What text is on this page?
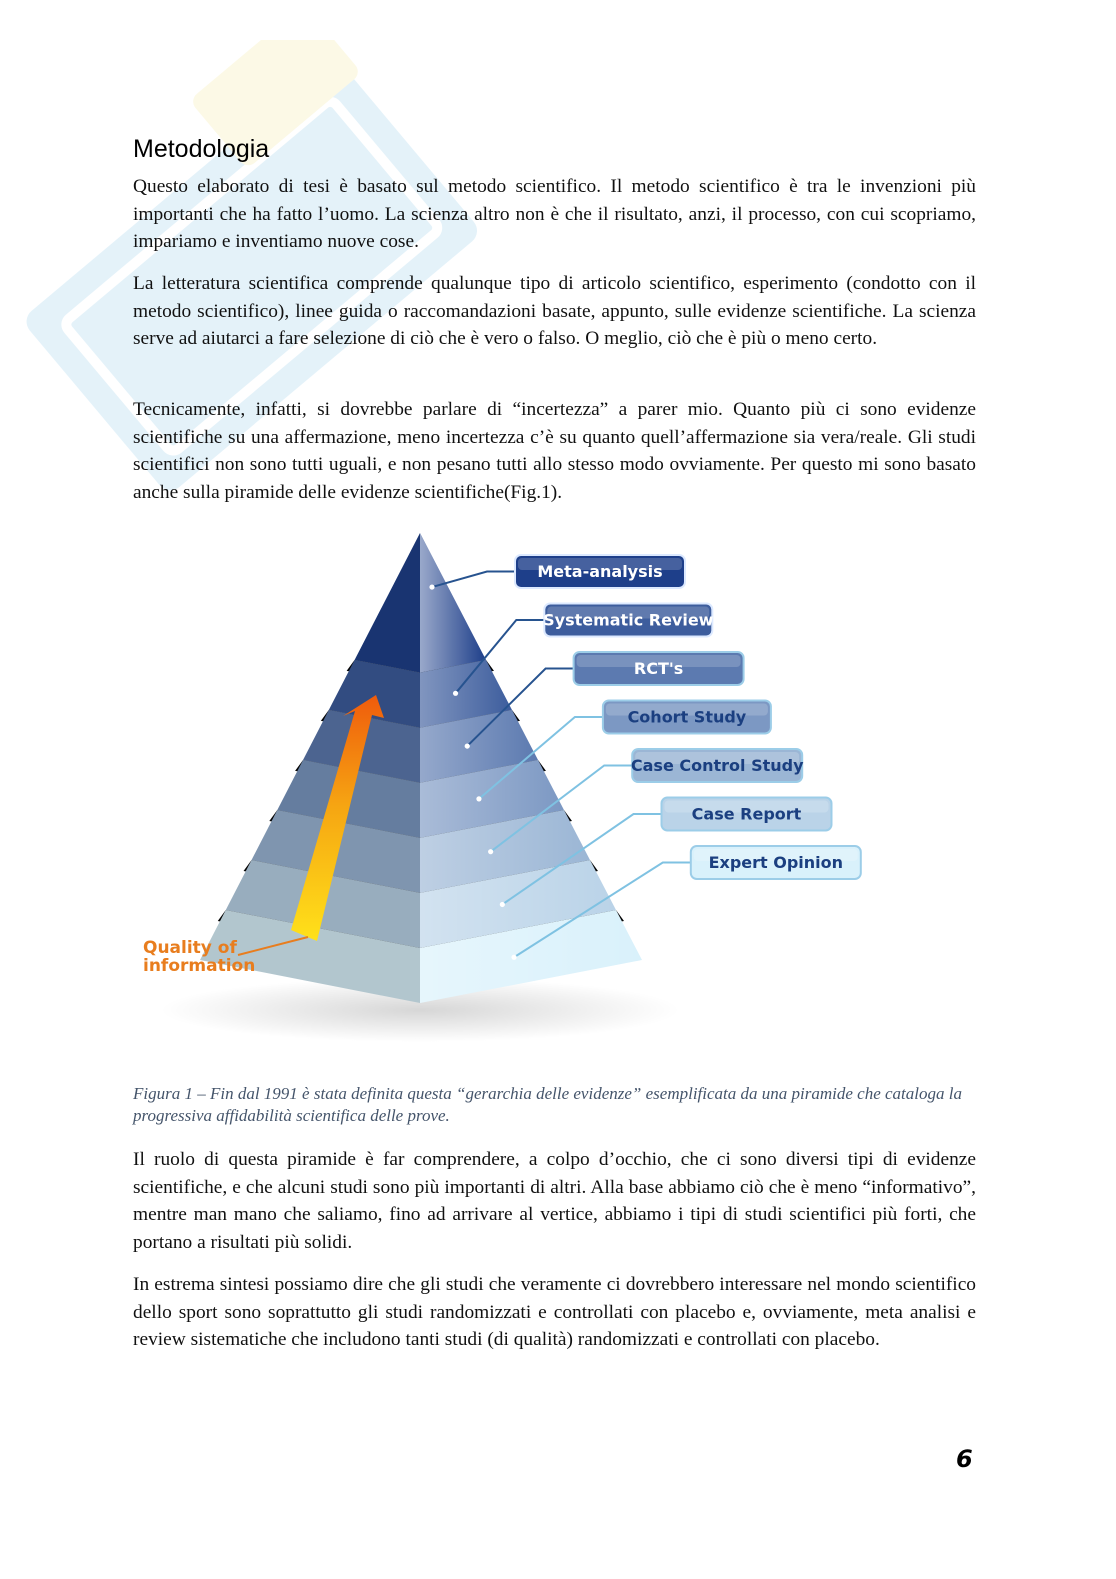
Metodologia

Questo elaborato di tesi è basato sul metodo scientifico. Il metodo scientifico è tra le invenzioni più importanti che ha fatto l’uomo. La scienza altro non è che il risultato, anzi, il processo, con cui scopriamo, impariamo e inventiamo nuove cose.

La letteratura scientifica comprende qualunque tipo di articolo scientifico, esperimento (condotto con il metodo scientifico), linee guida o raccomandazioni basate, appunto, sulle evidenze scientifiche. La scienza serve ad aiutarci a fare selezione di ciò che è vero o falso. O meglio, ciò che è più o meno certo.

Tecnicamente, infatti, si dovrebbe parlare di “incertezza” a parer mio. Quanto più ci sono evidenze scientifiche su una affermazione, meno incertezza c’è su quanto quell’affermazione sia vera/reale. Gli studi scientifici non sono tutti uguali, e non pesano tutti allo stesso modo ovviamente. Per questo mi sono basato anche sulla piramide delle evidenze scientifiche(Fig.1).

Meta-analysis
Systematic Review
RCT's
Cohort Study
Case Control Study
Case Report
Expert Opinion
Quality of
information

Figura 1 – Fin dal 1991 è stata definita questa “gerarchia delle evidenze” esemplificata da una piramide che cataloga la progressiva affidabilità scientifica delle prove.

Il ruolo di questa piramide è far comprendere, a colpo d’occhio, che ci sono diversi tipi di evidenze scientifiche, e che alcuni studi sono più importanti di altri. Alla base abbiamo ciò che è meno “informativo”, mentre man mano che saliamo, fino ad arrivare al vertice, abbiamo i tipi di studi scientifici più forti, che portano a risultati più solidi.

In estrema sintesi possiamo dire che gli studi che veramente ci dovrebbero interessare nel mondo scientifico dello sport sono soprattutto gli studi randomizzati e controllati con placebo e, ovviamente, meta analisi e review sistematiche che includono tanti studi (di qualità) randomizzati e controllati con placebo.

6
